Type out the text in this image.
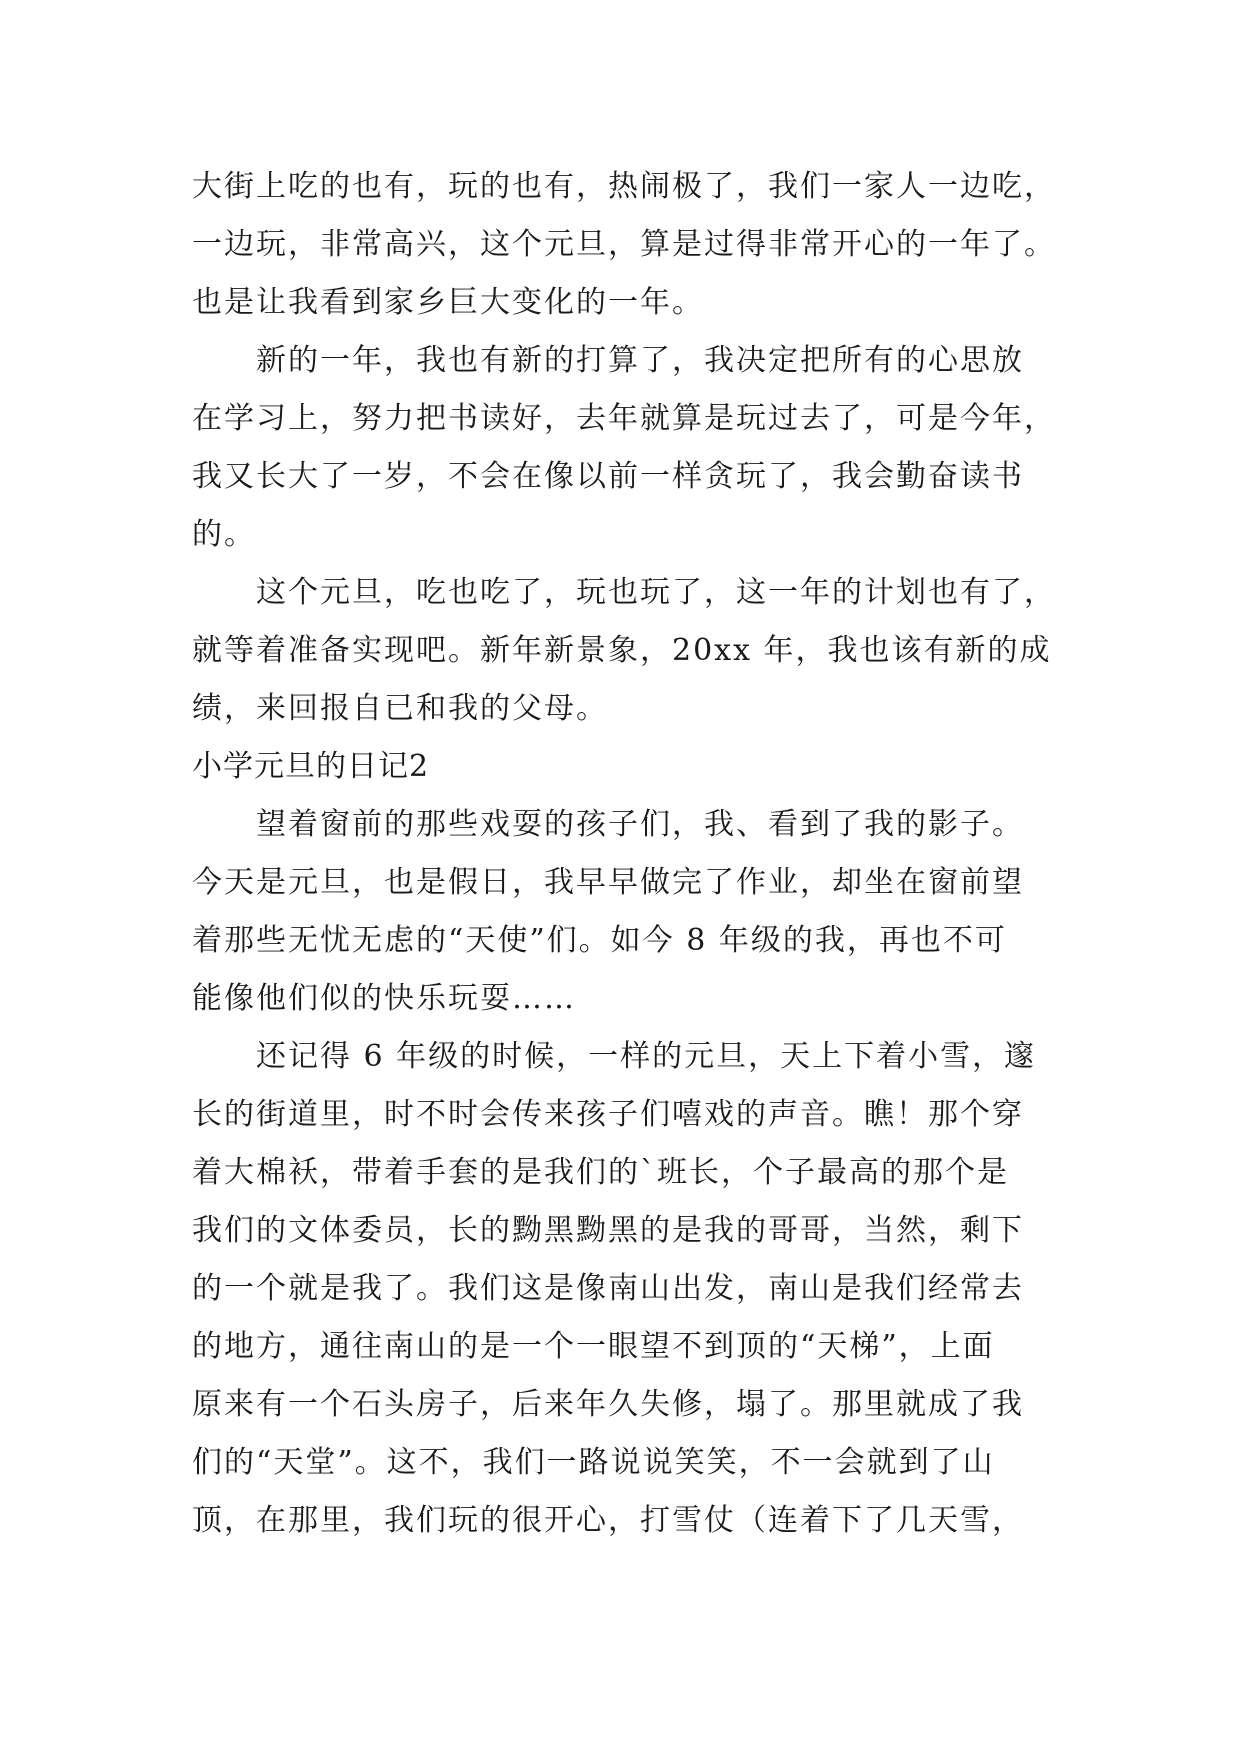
大街上吃的也有，玩的也有，热闹极了，我们一家人一边吃，
一边玩，非常高兴，这个元旦，算是过得非常开心的一年了。
也是让我看到家乡巨大变化的一年。
新的一年，我也有新的打算了，我决定把所有的心思放
在学习上，努力把书读好，去年就算是玩过去了，可是今年，
我又长大了一岁，不会在像以前一样贪玩了，我会勤奋读书
的。
这个元旦，吃也吃了，玩也玩了，这一年的计划也有了，
就等着准备实现吧。新年新景象，20xx 年，我也该有新的成
绩，来回报自已和我的父母。
小学元旦的日记2
望着窗前的那些戏耍的孩子们，我、看到了我的影子。
今天是元旦，也是假日，我早早做完了作业，却坐在窗前望
着那些无忧无虑的“天使”们。如今 8 年级的我，再也不可
能像他们似的快乐玩耍……
还记得 6 年级的时候，一样的元旦，天上下着小雪，邃
长的街道里，时不时会传来孩子们嘻戏的声音。瞧！那个穿
着大棉袄，带着手套的是我们的`班长，个子最高的那个是
我们的文体委员，长的黝黑黝黑的是我的哥哥，当然，剩下
的一个就是我了。我们这是像南山出发，南山是我们经常去
的地方，通往南山的是一个一眼望不到顶的“天梯”，上面
原来有一个石头房子，后来年久失修，塌了。那里就成了我
们的“天堂”。这不，我们一路说说笑笑，不一会就到了山
顶，在那里，我们玩的很开心，打雪仗（连着下了几天雪，
